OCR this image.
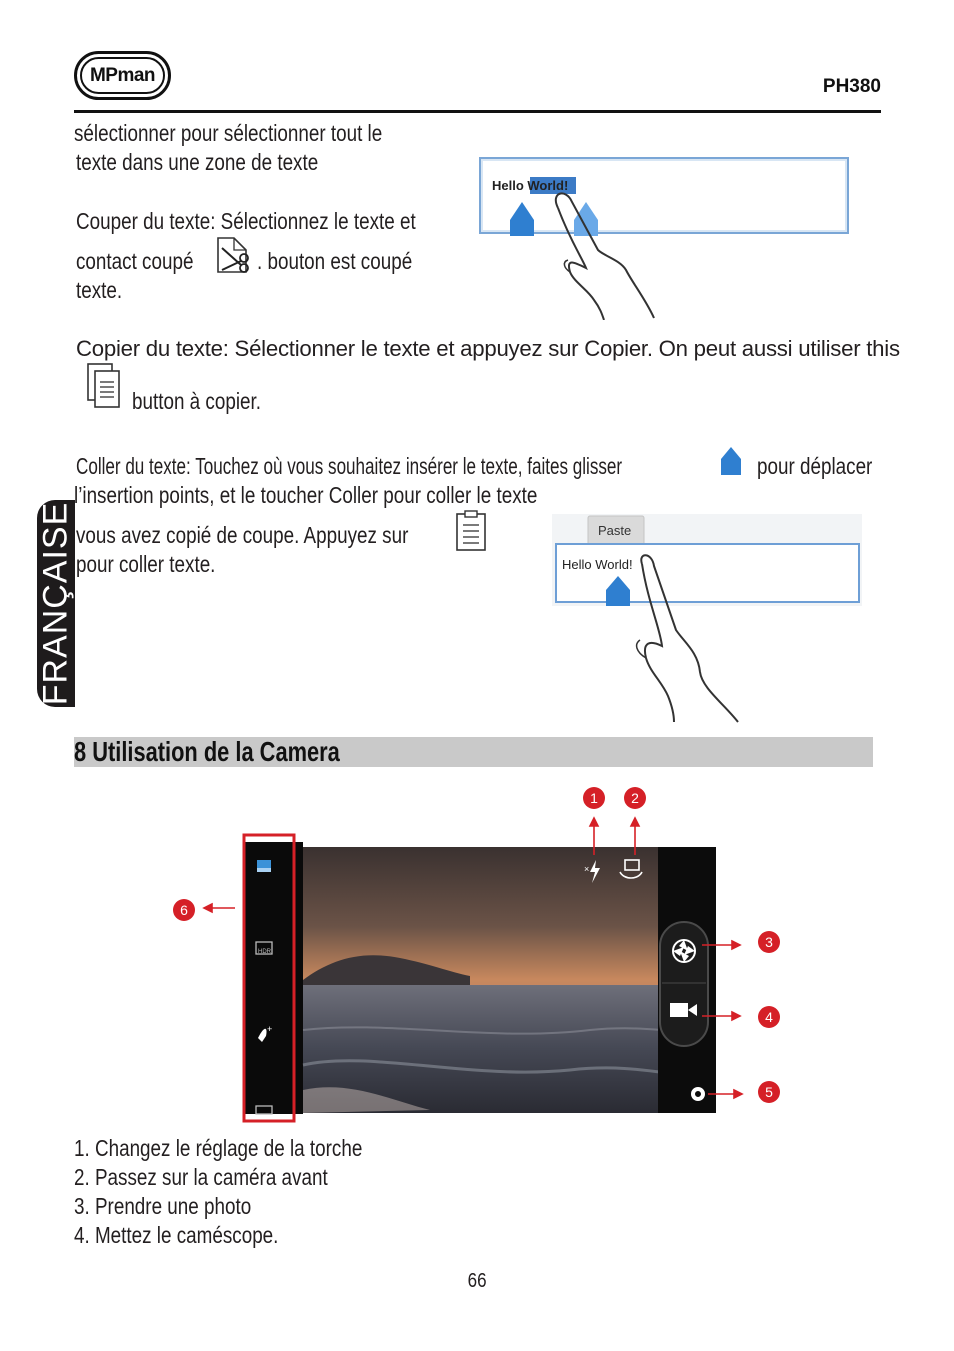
MPman
PH380
FRANÇAISE
sélectionner pour sélectionner tout le
texte dans une zone de texte
Couper du texte: Sélectionnez le texte et
contact coupé	. bouton est coupé
texte.
Hello World!
Copier du texte: Sélectionner le texte et appuyez sur Copier. On peut aussi utiliser this
button à copier.
Coller du texte: Touchez où vous souhaitez insérer le texte, faites glisser	pour déplacer
l’insertion points, et le toucher Coller pour coller le texte
vous avez copié de coupe. Appuyez sur
pour coller texte.
Paste
Hello World!
8 Utilisation de la Camera
×
HDR
+
1 2
3
4
5
6
1. Changez le réglage de la torche
2. Passez sur la caméra avant
3. Prendre une photo
4. Mettez le caméscope.
66
